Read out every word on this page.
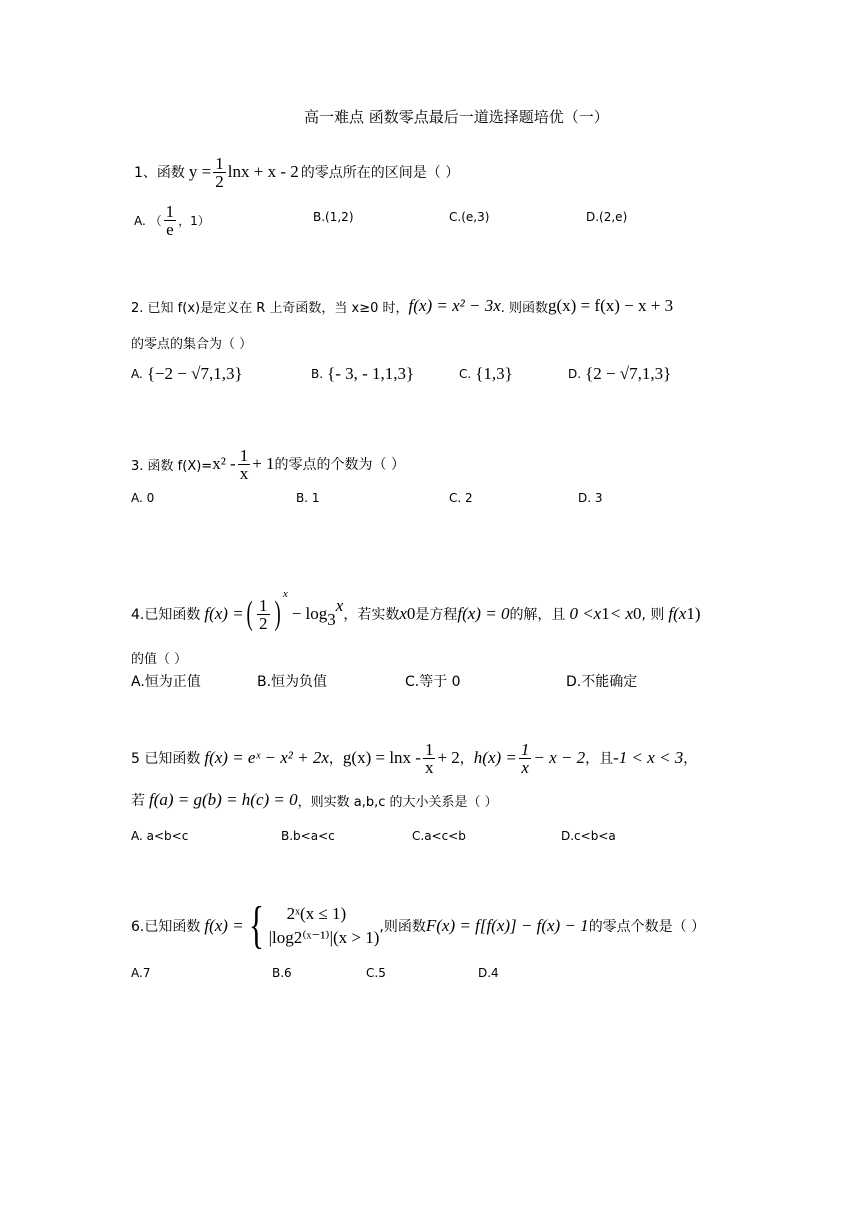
高一难点 函数零点最后一道选择题培优（一）
1、函数 $y = \frac{1}{2}$ lnx + x - 2 的零点所在的区间是（ ）
A. （ $\frac{1}{e}$ ，1）	B.(1,2)	C.(e,3)	D.(2,e)
2. 已知 f(x)是定义在 R 上奇函数，当 x≥0 时， f(x) = x² − 3x . 则函数 g(x) = f(x) − x + 3
的零点的集合为（ ）
A. {−2 − √7,1,3}	B. {- 3, - 1,1,3}	C. {1,3}	D. {2 − √7,1,3}
3. 函数 $f(X)= x^2 - \frac{1}{x} + 1$ 的零点的个数为（ ）
A. 0	B. 1	C. 2	D. 3
4.已知函数 f(x) = ( $\frac{1}{2}$ )
$^x$
− log 3
x ，若实数 x 0 是方程 f(x) = 0 的解，且 0 <x 1 < x 0 , 则 f(x 1 )
的值（ ）
A.恒为正值	B.恒为负值	C.等于 0	D.不能确定
5 已知函数 f(x) = eˣ − x² + 2x ， $g(x) = \ln x - \frac{1}{x} + 2$ ， $h(x) = \frac{1}{x} - x - 2$ ，且 -1 < x < 3 ，
若 f(a) = g(b) = h(c) = 0 ，则实数 a,b,c 的大小关系是（ ）
A. a<b<c	B.b<a<c	C.a<c<b	D.c<b<a
6.已知函数 f(x) = {	2ˣ(x ≤ 1)
|log2⁽ˣ⁻¹⁾|(x > 1)
,则函数 F(x) = f[f(x)] − f(x) − 1 的零点个数是（ ）
A.7	B.6	C.5	D.4
